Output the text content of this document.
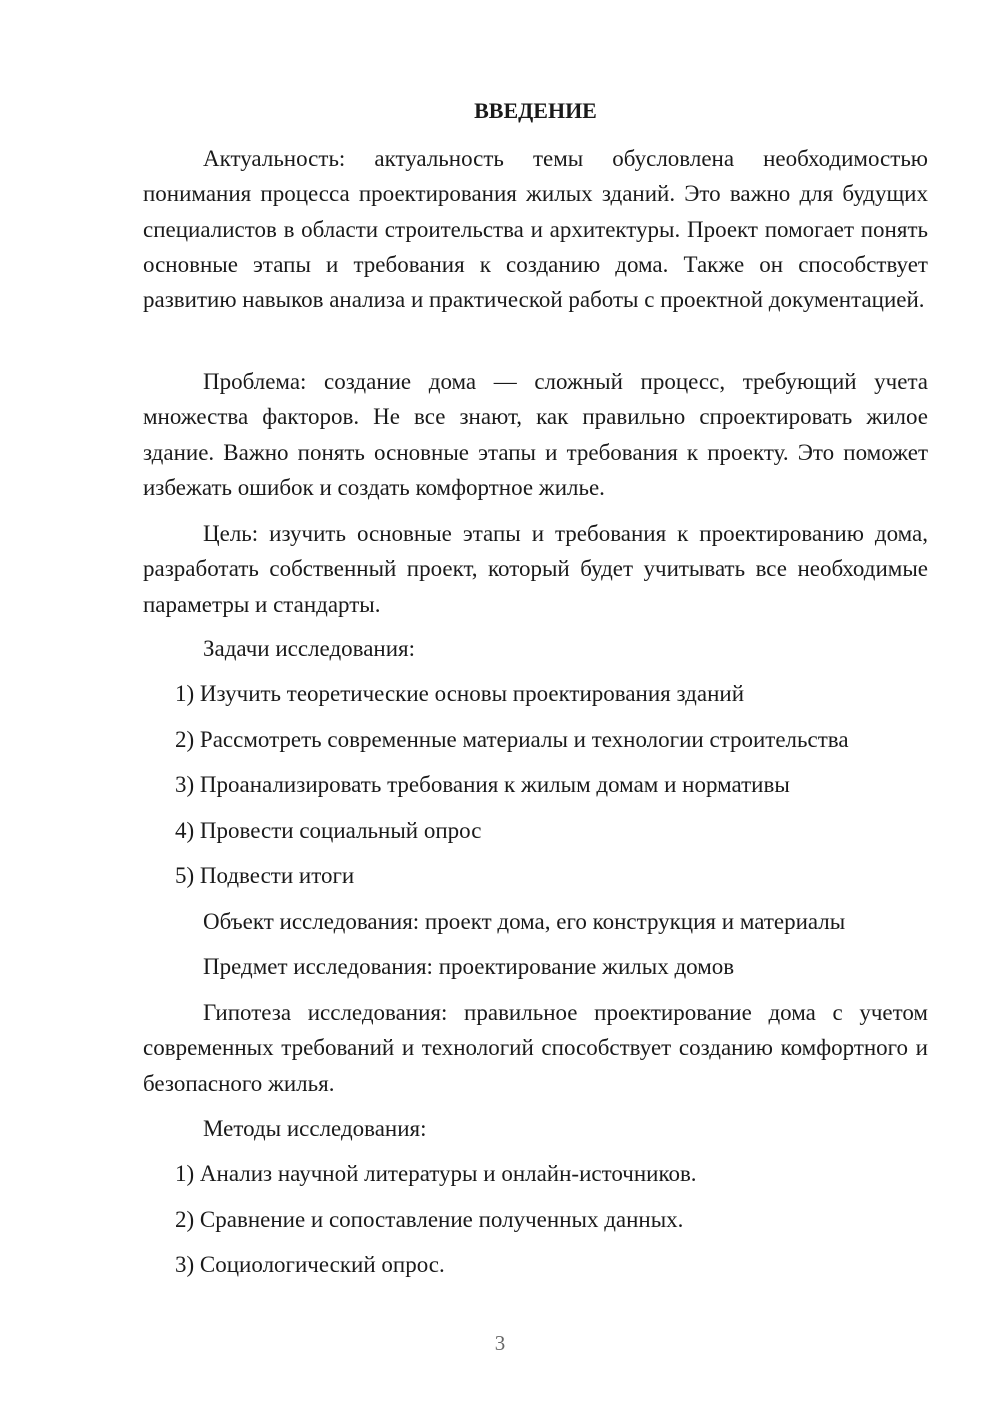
ВВЕДЕНИЕ

Актуальность: актуальность темы обусловлена необходимостью понимания процесса проектирования жилых зданий. Это важно для будущих специалистов в области строительства и архитектуры. Проект помогает понять основные этапы и требования к созданию дома. Также он способствует развитию навыков анализа и практической работы с проектной документацией.

Проблема: создание дома — сложный процесс, требующий учета множества факторов. Не все знают, как правильно спроектировать жилое здание. Важно понять основные этапы и требования к проекту. Это поможет избежать ошибок и создать комфортное жилье.

Цель: изучить основные этапы и требования к проектированию дома, разработать собственный проект, который будет учитывать все необходимые параметры и стандарты.

Задачи исследования:

1) Изучить теоретические основы проектирования зданий

2) Рассмотреть современные материалы и технологии строительства

3) Проанализировать требования к жилым домам и нормативы

4) Провести социальный опрос

5) Подвести итоги

Объект исследования: проект дома, его конструкция и материалы

Предмет исследования: проектирование жилых домов

Гипотеза исследования: правильное проектирование дома с учетом современных требований и технологий способствует созданию комфортного и безопасного жилья.

Методы исследования:

1) Анализ научной литературы и онлайн-источников.

2) Сравнение и сопоставление полученных данных.

3) Социологический опрос.

3
